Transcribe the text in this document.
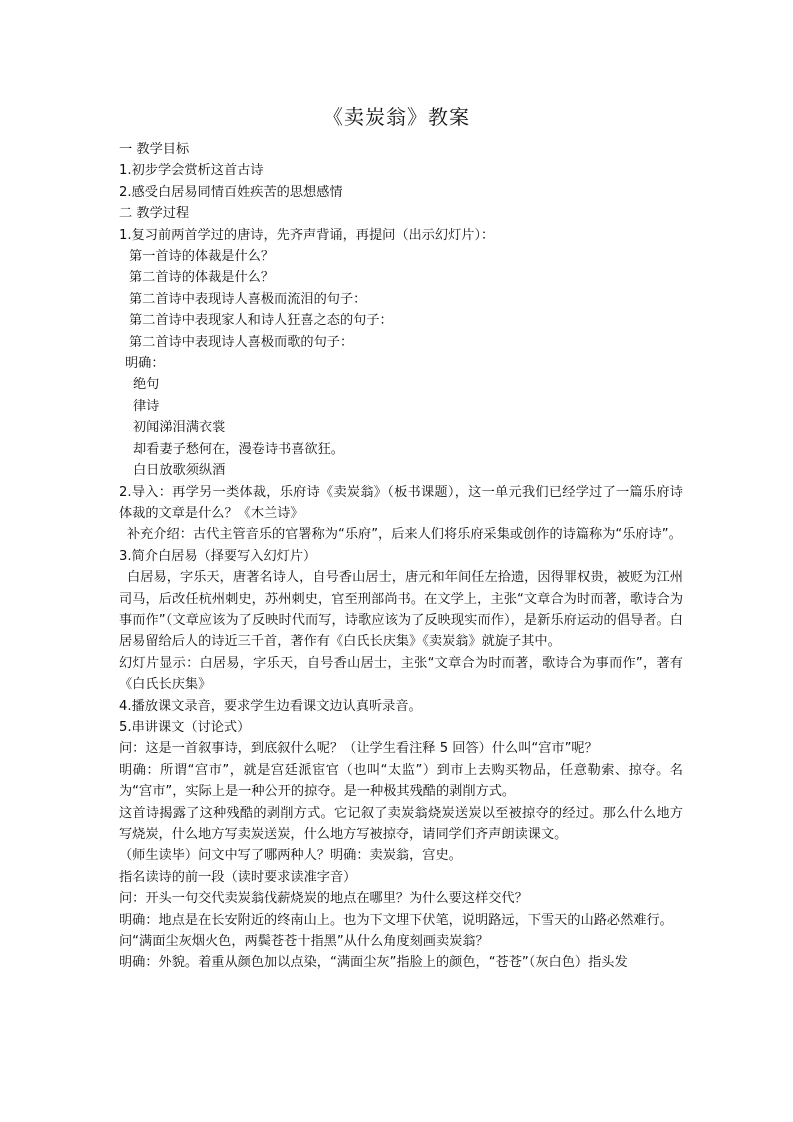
《卖炭翁》教案

一 教学目标

1.初步学会赏析这首古诗

2.感受白居易同情百姓疾苦的思想感情

二 教学过程

1.复习前两首学过的唐诗，先齐声背诵，再提问（出示幻灯片）：

第一首诗的体裁是什么？

第二首诗的体裁是什么？

第二首诗中表现诗人喜极而流泪的句子：

第二首诗中表现家人和诗人狂喜之态的句子：

第二首诗中表现诗人喜极而歌的句子：

明确：

绝句

律诗

初闻涕泪满衣裳

却看妻子愁何在，漫卷诗书喜欲狂。

白日放歌须纵酒

2.导入：再学另一类体裁，乐府诗《卖炭翁》（板书课题），这一单元我们已经学过了一篇乐府诗体裁的文章是什么？《木兰诗》

补充介绍：古代主管音乐的官署称为“乐府”，后来人们将乐府采集或创作的诗篇称为“乐府诗”。

3.简介白居易（择要写入幻灯片）

白居易，字乐天，唐著名诗人，自号香山居士，唐元和年间任左拾遗，因得罪权贵，被贬为江州司马，后改任杭州刺史，苏州刺史，官至刑部尚书。在文学上，主张“文章合为时而著，歌诗合为事而作”（文章应该为了反映时代而写，诗歌应该为了反映现实而作），是新乐府运动的倡导者。白居易留给后人的诗近三千首，著作有《白氏长庆集》《卖炭翁》就旋子其中。

幻灯片显示：白居易，字乐天，自号香山居士，主张“文章合为时而著，歌诗合为事而作”，著有《白氏长庆集》

4.播放课文录音，要求学生边看课文边认真听录音。

5.串讲课文（讨论式）

问：这是一首叙事诗，到底叙什么呢？（让学生看注释 5 回答）什么叫“宫市”呢？

明确：所谓“宫市”，就是宫廷派宦官（也叫“太监”）到市上去购买物品，任意勒索、掠夺。名为“宫市”，实际上是一种公开的掠夺。是一种极其残酷的剥削方式。

这首诗揭露了这种残酷的剥削方式。它记叙了卖炭翁烧炭送炭以至被掠夺的经过。那么什么地方写烧炭，什么地方写卖炭送炭，什么地方写被掠夺，请同学们齐声朗读课文。

（师生读毕）问文中写了哪两种人？明确：卖炭翁，宫史。

指名读诗的前一段（读时要求读准字音）

问：开头一句交代卖炭翁伐薪烧炭的地点在哪里？为什么要这样交代？

明确：地点是在长安附近的终南山上。也为下文埋下伏笔，说明路远，下雪天的山路必然难行。

问“满面尘灰烟火色，两鬓苍苍十指黑”从什么角度刻画卖炭翁？

明确：外貌。着重从颜色加以点染，“满面尘灰”指脸上的颜色，“苍苍”（灰白色）指头发
